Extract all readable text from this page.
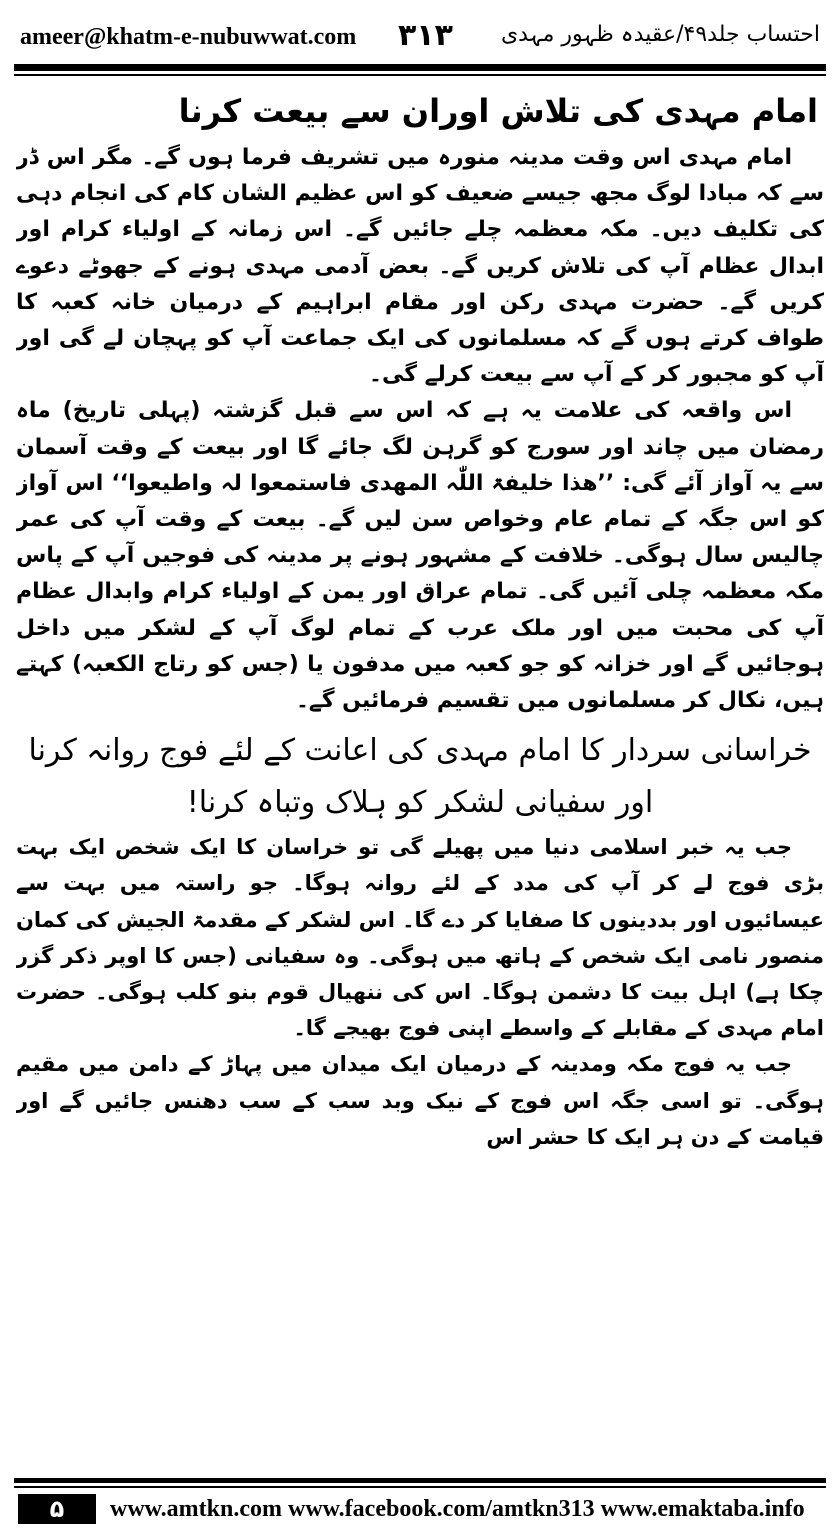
ameer@khatm-e-nubuwwat.com ۳۱۳ احتساب جلد۴۹/عقیدہ ظہور مہدی
امام مہدی کی تلاش اوران سے بیعت کرنا

امام مہدی اس وقت مدینہ منورہ میں تشریف فرما ہوں گے۔ مگر اس ڈر سے کہ مبادا لوگ مجھ جیسے ضعیف کو اس عظیم الشان کام کی انجام دہی کی تکلیف دیں۔ مکہ معظمہ چلے جائیں گے۔ اس زمانہ کے اولیاء کرام اور ابدال عظام آپ کی تلاش کریں گے۔ بعض آدمی مہدی ہونے کے جھوٹے دعوے کریں گے۔ حضرت مہدی رکن اور مقام ابراہیم کے درمیان خانہ کعبہ کا طواف کرتے ہوں گے کہ مسلمانوں کی ایک جماعت آپ کو پہچان لے گی اور آپ کو مجبور کر کے آپ سے بیعت کرلے گی۔

اس واقعہ کی علامت یہ ہے کہ اس سے قبل گزشتہ (پہلی تاریخ) ماہ رمضان میں چاند اور سورج کو گرہن لگ جائے گا اور بیعت کے وقت آسمان سے یہ آواز آئے گی: ’’ھذا خلیفۃ اللّٰہ المھدی فاستمعوا لہ واطیعوا‘‘ اس آواز کو اس جگہ کے تمام عام وخواص سن لیں گے۔ بیعت کے وقت آپ کی عمر چالیس سال ہوگی۔ خلافت کے مشہور ہونے پر مدینہ کی فوجیں آپ کے پاس مکہ معظمہ چلی آئیں گی۔ تمام عراق اور یمن کے اولیاء کرام وابدال عظام آپ کی محبت میں اور ملک عرب کے تمام لوگ آپ کے لشکر میں داخل ہوجائیں گے اور خزانہ کو جو کعبہ میں مدفون یا (جس کو رتاج الکعبہ) کہتے ہیں، نکال کر مسلمانوں میں تقسیم فرمائیں گے۔

خراسانی سردار کا امام مہدی کی اعانت کے لئے فوج روانہ کرنا
اور سفیانی لشکر کو ہلاک وتباہ کرنا!

جب یہ خبر اسلامی دنیا میں پھیلے گی تو خراسان کا ایک شخص ایک بہت بڑی فوج لے کر آپ کی مدد کے لئے روانہ ہوگا۔ جو راستہ میں بہت سے عیسائیوں اور بددینوں کا صفایا کر دے گا۔ اس لشکر کے مقدمۃ الجیش کی کمان منصور نامی ایک شخص کے ہاتھ میں ہوگی۔ وہ سفیانی (جس کا اوپر ذکر گزر چکا ہے) اہل بیت کا دشمن ہوگا۔ اس کی ننھیال قوم بنو کلب ہوگی۔ حضرت امام مہدی کے مقابلے کے واسطے اپنی فوج بھیجے گا۔

جب یہ فوج مکہ ومدینہ کے درمیان ایک میدان میں پہاڑ کے دامن میں مقیم ہوگی۔ تو اسی جگہ اس فوج کے نیک وبد سب کے سب دھنس جائیں گے اور قیامت کے دن ہر ایک کا حشر اس

۵	www.amtkn.com www.facebook.com/amtkn313 www.emaktaba.info
